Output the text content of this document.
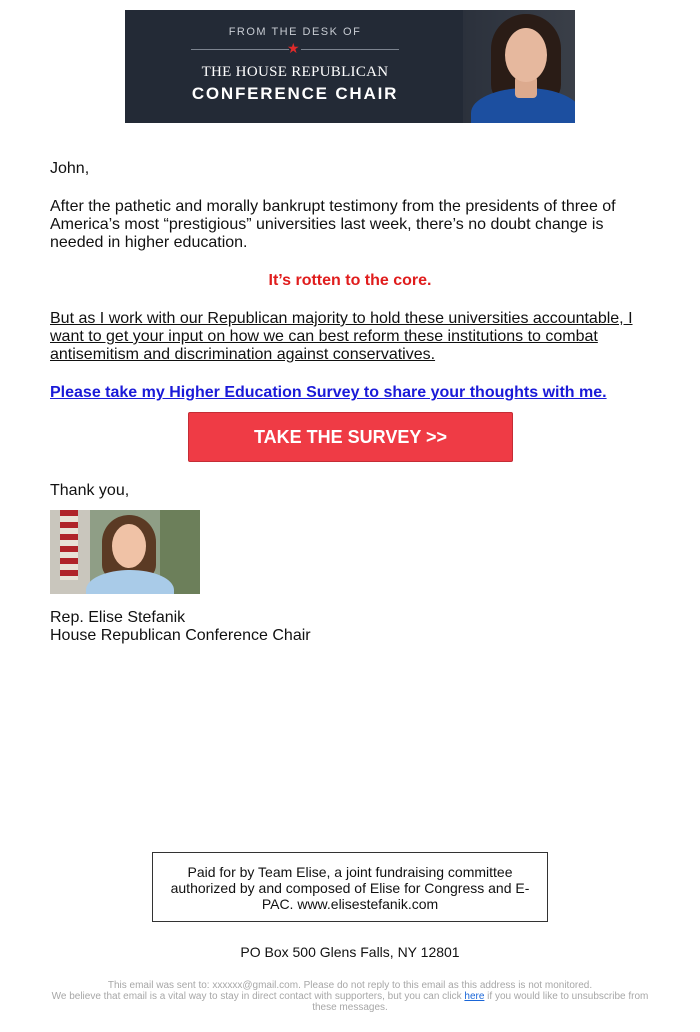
FROM THE DESK OF
★
THE HOUSE REPUBLICAN
CONFERENCE CHAIR
John,
After the pathetic and morally bankrupt testimony from the presidents of three of America’s most “prestigious” universities last week, there’s no doubt change is needed in higher education.
It’s rotten to the core.
But as I work with our Republican majority to hold these universities accountable, I want to get your input on how we can best reform these institutions to combat antisemitism and discrimination against conservatives.
Please take my Higher Education Survey to share your thoughts with me.
TAKE THE SURVEY >>
Thank you,
Rep. Elise Stefanik
House Republican Conference Chair
Paid for by Team Elise, a joint fundraising committee authorized by and composed of Elise for Congress and E-PAC. www.elisestefanik.com
PO Box 500 Glens Falls, NY 12801
This email was sent to: xxxxxx@gmail.com. Please do not reply to this email as this address is not monitored.
We believe that email is a vital way to stay in direct contact with supporters, but you can click here if you would like to unsubscribe from these messages.
